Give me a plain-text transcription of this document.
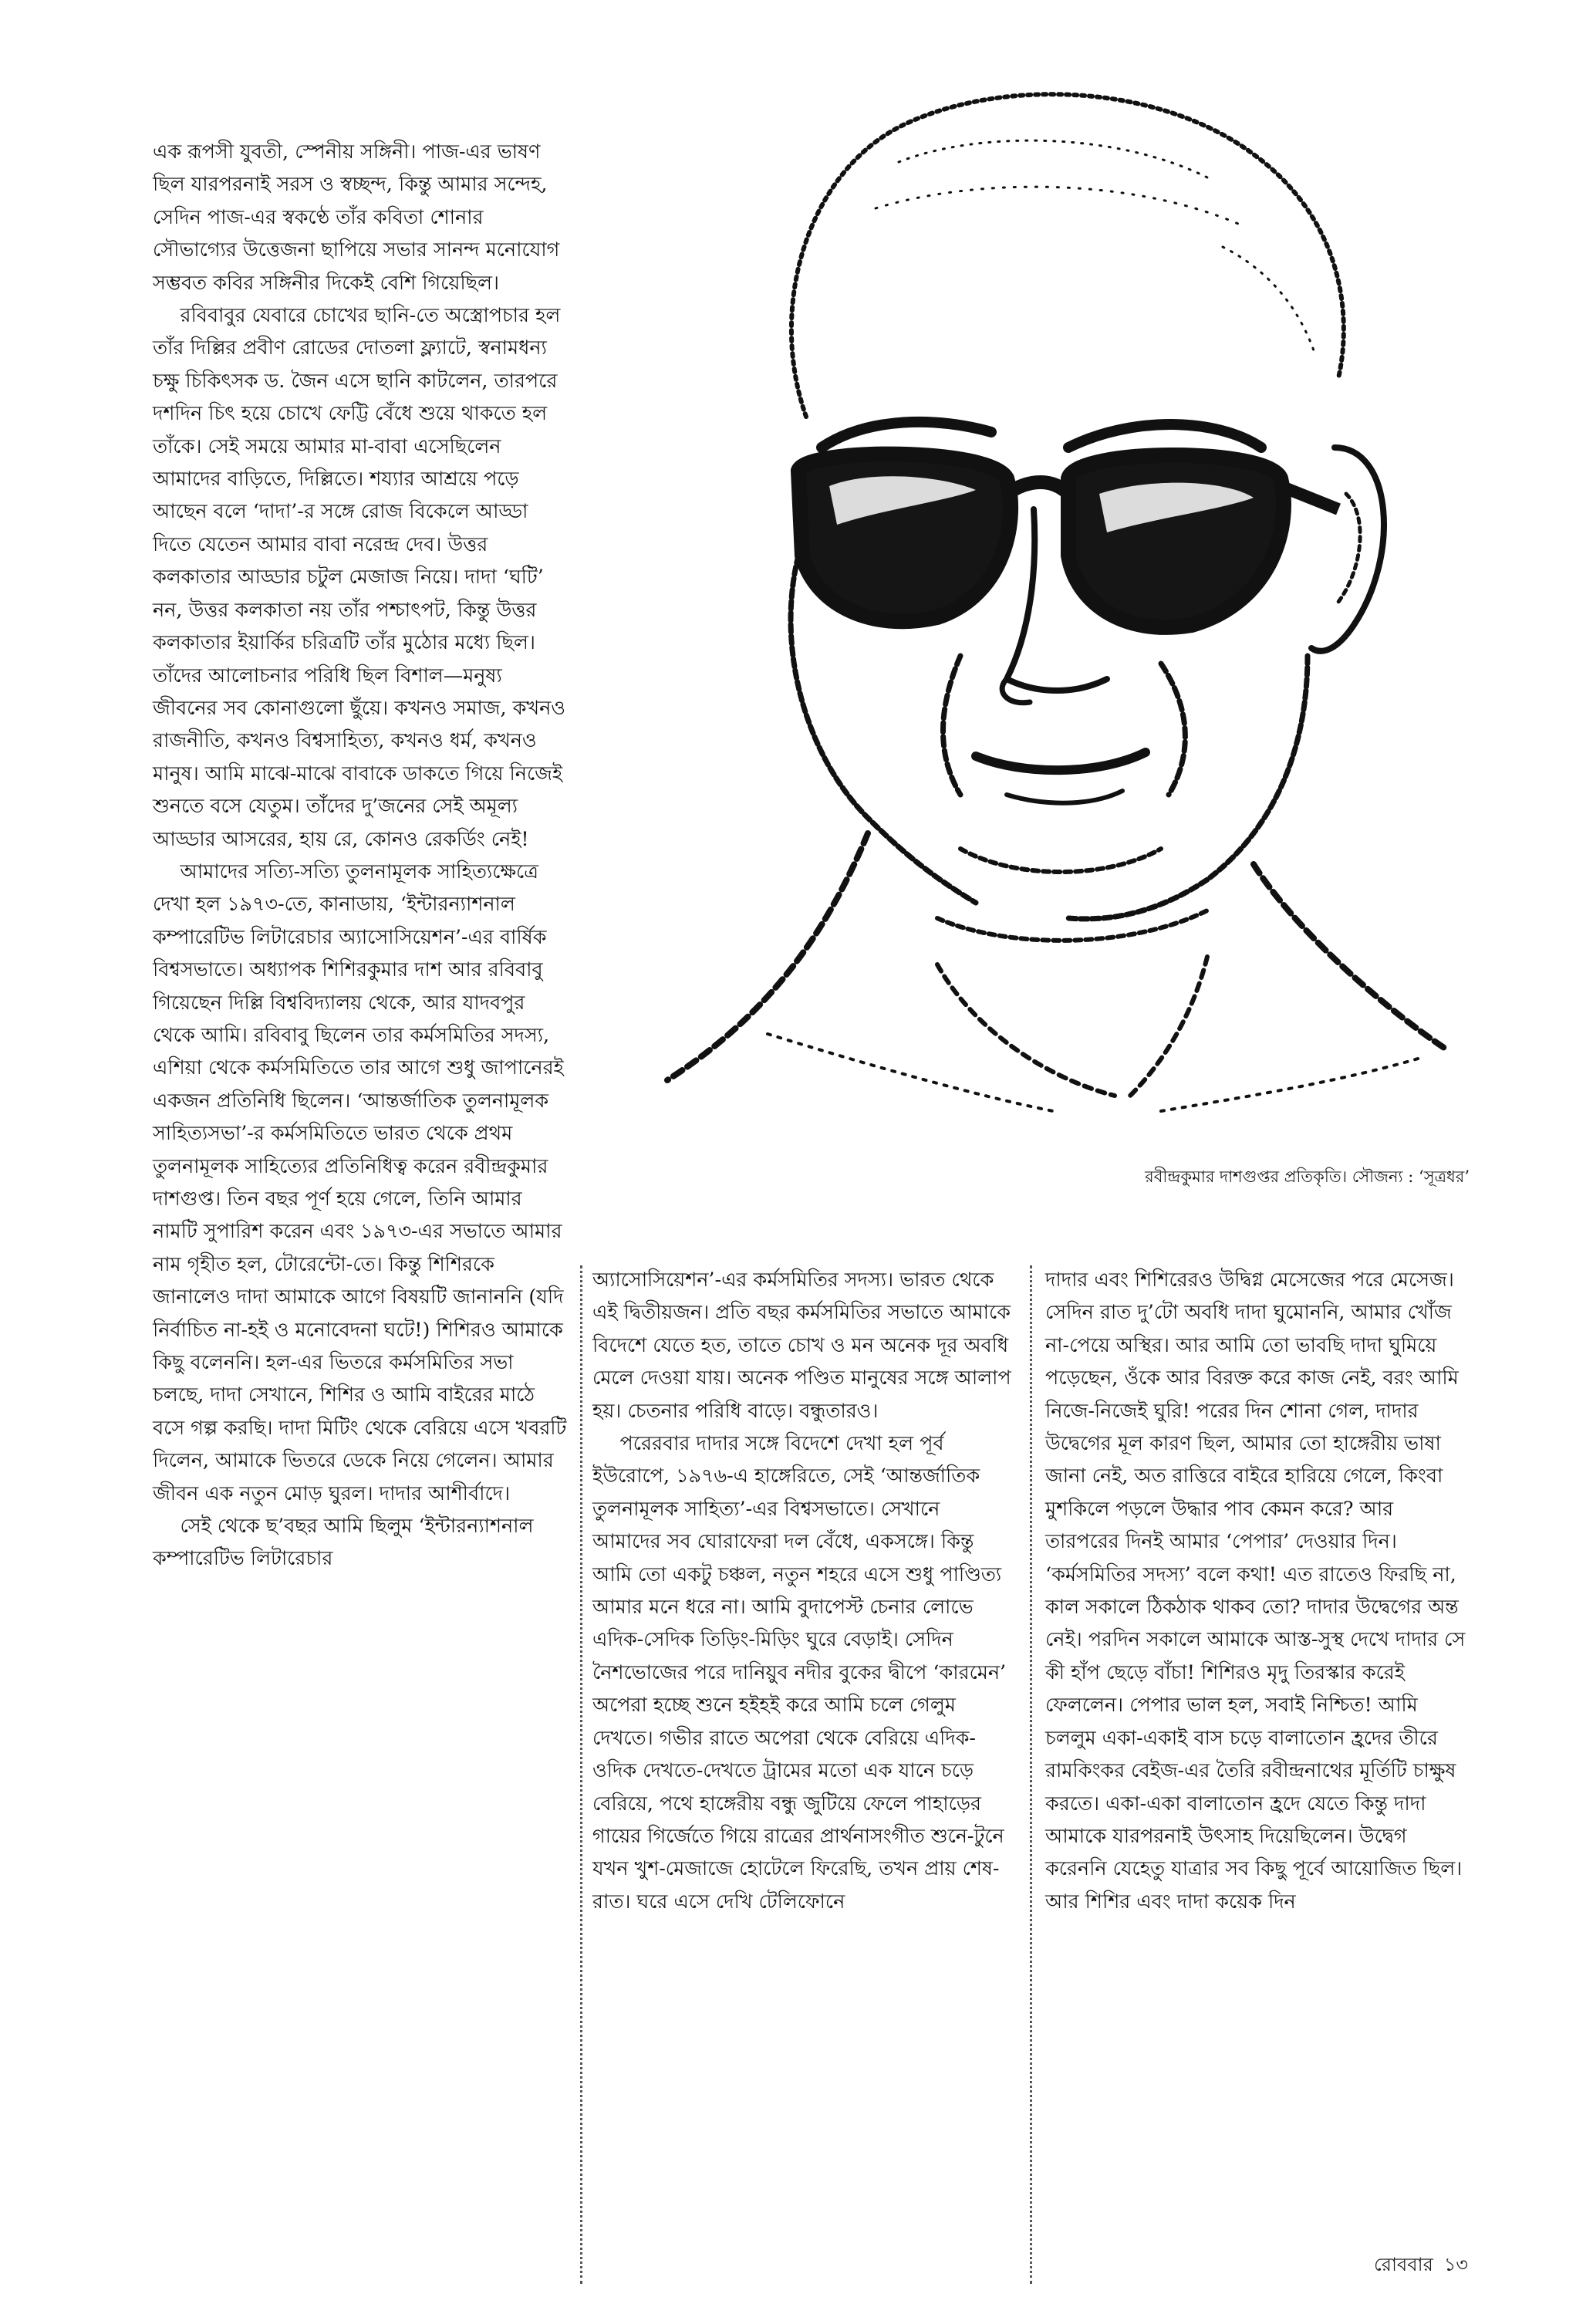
এক রূপসী যুবতী, স্পেনীয় সঙ্গিনী। পাজ-এর ভাষণ ছিল যারপরনাই সরস ও স্বচ্ছন্দ, কিন্তু আমার সন্দেহ, সেদিন পাজ-এর স্বকণ্ঠে তাঁর কবিতা শোনার সৌভাগ্যের উত্তেজনা ছাপিয়ে সভার সানন্দ মনোযোগ সম্ভবত কবির সঙ্গিনীর দিকেই বেশি গিয়েছিল।

রবিবাবুর যেবারে চোখের ছানি-তে অস্ত্রোপচার হল তাঁর দিল্লির প্রবীণ রোডের দোতলা ফ্ল্যাটে, স্বনামধন্য চক্ষু চিকিৎসক ড. জৈন এসে ছানি কাটলেন, তারপরে দশদিন চিৎ হয়ে চোখে ফেট্টি বেঁধে শুয়ে থাকতে হল তাঁকে। সেই সময়ে আমার মা-বাবা এসেছিলেন আমাদের বাড়িতে, দিল্লিতে। শয্যার আশ্রয়ে পড়ে আছেন বলে ‘দাদা’-র সঙ্গে রোজ বিকেলে আড্ডা দিতে যেতেন আমার বাবা নরেন্দ্র দেব। উত্তর কলকাতার আড্ডার চটুল মেজাজ নিয়ে। দাদা ‘ঘটি’ নন, উত্তর কলকাতা নয় তাঁর পশ্চাৎপট, কিন্তু উত্তর কলকাতার ইয়ার্কির চরিত্রটি তাঁর মুঠোর মধ্যে ছিল। তাঁদের আলোচনার পরিধি ছিল বিশাল—মনুষ্য জীবনের সব কোনাগুলো ছুঁয়ে। কখনও সমাজ, কখনও রাজনীতি, কখনও বিশ্বসাহিত্য, কখনও ধর্ম, কখনও মানুষ। আমি মাঝে-মাঝে বাবাকে ডাকতে গিয়ে নিজেই শুনতে বসে যেতুম। তাঁদের দু’জনের সেই অমূল্য আড্ডার আসরের, হায় রে, কোনও রেকর্ডিং নেই!

আমাদের সত্যি-সত্যি তুলনামূলক সাহিত্যক্ষেত্রে দেখা হল ১৯৭৩-তে, কানাডায়, ‘ইন্টারন্যাশনাল কম্পারেটিভ লিটারেচার অ্যাসোসিয়েশন’-এর বার্ষিক বিশ্বসভাতে। অধ্যাপক শিশিরকুমার দাশ আর রবিবাবু গিয়েছেন দিল্লি বিশ্ববিদ্যালয় থেকে, আর যাদবপুর থেকে আমি। রবিবাবু ছিলেন তার কর্মসমিতির সদস্য, এশিয়া থেকে কর্মসমিতিতে তার আগে শুধু জাপানেরই একজন প্রতিনিধি ছিলেন। ‘আন্তর্জাতিক তুলনামূলক সাহিত্যসভা’-র কর্মসমিতিতে ভারত থেকে প্রথম তুলনামূলক সাহিত্যের প্রতিনিধিত্ব করেন রবীন্দ্রকুমার দাশগুপ্ত। তিন বছর পূর্ণ হয়ে গেলে, তিনি আমার নামটি সুপারিশ করেন এবং ১৯৭৩-এর সভাতে আমার নাম গৃহীত হল, টোরেন্টো-তে। কিন্তু শিশিরকে জানালেও দাদা আমাকে আগে বিষয়টি জানাননি (যদি নির্বাচিত না-হই ও মনোবেদনা ঘটে!) শিশিরও আমাকে কিছু বলেননি। হল-এর ভিতরে কর্মসমিতির সভা চলছে, দাদা সেখানে, শিশির ও আমি বাইরের মাঠে বসে গল্প করছি। দাদা মিটিং থেকে বেরিয়ে এসে খবরটি দিলেন, আমাকে ভিতরে ডেকে নিয়ে গেলেন। আমার জীবন এক নতুন মোড় ঘুরল। দাদার আশীর্বাদে।

সেই থেকে ছ’বছর আমি ছিলুম ‘ইন্টারন্যাশনাল কম্পারেটিভ লিটারেচার

রবীন্দ্রকুমার দাশগুপ্তর প্রতিকৃতি। সৌজন্য : ‘সূত্রধর’

অ্যাসোসিয়েশন’-এর কর্মসমিতির সদস্য। ভারত থেকে এই দ্বিতীয়জন। প্রতি বছর কর্মসমিতির সভাতে আমাকে বিদেশে যেতে হত, তাতে চোখ ও মন অনেক দূর অবধি মেলে দেওয়া যায়। অনেক পণ্ডিত মানুষের সঙ্গে আলাপ হয়। চেতনার পরিধি বাড়ে। বন্ধুতারও।

পরেরবার দাদার সঙ্গে বিদেশে দেখা হল পূর্ব ইউরোপে, ১৯৭৬-এ হাঙ্গেরিতে, সেই ‘আন্তর্জাতিক তুলনামূলক সাহিত্য’-এর বিশ্বসভাতে। সেখানে আমাদের সব ঘোরাফেরা দল বেঁধে, একসঙ্গে। কিন্তু আমি তো একটু চঞ্চল, নতুন শহরে এসে শুধু পাণ্ডিত্য আমার মনে ধরে না। আমি বুদাপেস্ট চেনার লোভে এদিক-সেদিক তিড়িং-মিড়িং ঘুরে বেড়াই। সেদিন নৈশভোজের পরে দানিয়ুব নদীর বুকের দ্বীপে ‘কারমেন’ অপেরা হচ্ছে শুনে হইহই করে আমি চলে গেলুম দেখতে। গভীর রাতে অপেরা থেকে বেরিয়ে এদিক-ওদিক দেখতে-দেখতে ট্রামের মতো এক যানে চড়ে বেরিয়ে, পথে হাঙ্গেরীয় বন্ধু জুটিয়ে ফেলে পাহাড়ের গায়ের গির্জেতে গিয়ে রাত্রের প্রার্থনাসংগীত শুনে-টুনে যখন খুশ-মেজাজে হোটেলে ফিরেছি, তখন প্রায় শেষ-রাত। ঘরে এসে দেখি টেলিফোনে

দাদার এবং শিশিরেরও উদ্বিগ্ন মেসেজের পরে মেসেজ। সেদিন রাত দু’টো অবধি দাদা ঘুমোননি, আমার খোঁজ না-পেয়ে অস্থির। আর আমি তো ভাবছি দাদা ঘুমিয়ে পড়েছেন, ওঁকে আর বিরক্ত করে কাজ নেই, বরং আমি নিজে-নিজেই ঘুরি! পরের দিন শোনা গেল, দাদার উদ্বেগের মূল কারণ ছিল, আমার তো হাঙ্গেরীয় ভাষা জানা নেই, অত রাত্তিরে বাইরে হারিয়ে গেলে, কিংবা মুশকিলে পড়লে উদ্ধার পাব কেমন করে? আর তারপরের দিনই আমার ‘পেপার’ দেওয়ার দিন। ‘কর্মসমিতির সদস্য’ বলে কথা! এত রাতেও ফিরছি না, কাল সকালে ঠিকঠাক থাকব তো? দাদার উদ্বেগের অন্ত নেই। পরদিন সকালে আমাকে আস্ত-সুস্থ দেখে দাদার সে কী হাঁপ ছেড়ে বাঁচা! শিশিরও মৃদু তিরস্কার করেই ফেললেন। পেপার ভাল হল, সবাই নিশ্চিত! আমি চললুম একা-একাই বাস চড়ে বালাতোন হ্রদের তীরে রামকিংকর বেইজ-এর তৈরি রবীন্দ্রনাথের মূর্তিটি চাক্ষুষ করতে। একা-একা বালাতোন হ্রদে যেতে কিন্তু দাদা আমাকে যারপরনাই উৎসাহ দিয়েছিলেন। উদ্বেগ করেননি যেহেতু যাত্রার সব কিছু পূর্বে আয়োজিত ছিল। আর শিশির এবং দাদা কয়েক দিন

রোববার ১৩
